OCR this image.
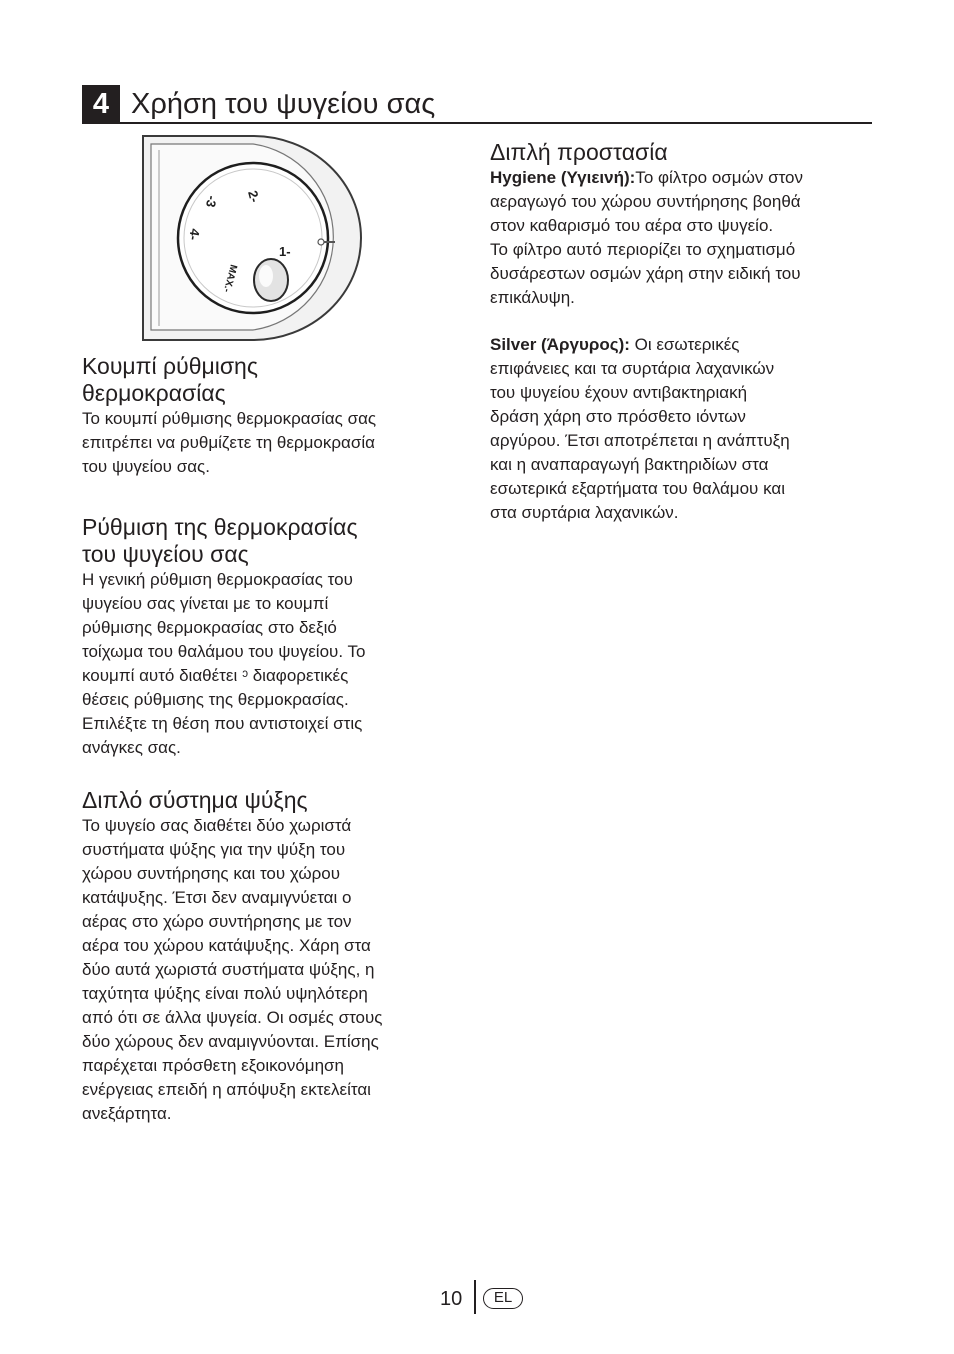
4 Χρήση του ψυγείου σας
2-
-3
4-
1-
MAX.-
Κουμπί ρύθμισης
θερμοκρασίας

Το κουμπί ρύθμισης θερμοκρασίας σας
επιτρέπει να ρυθμίζετε τη θερμοκρασία
του ψυγείου σας.

Ρύθμιση της θερμοκρασίας
του ψυγείου σας

Η γενική ρύθμιση θερμοκρασίας του
ψυγείου σας γίνεται με το κουμπί
ρύθμισης θερμοκρασίας στο δεξιό
τοίχωμα του θαλάμου του ψυγείου. Το
κουμπί αυτό διαθέτει ᵓ διαφορετικές
θέσεις ρύθμισης της θερμοκρασίας.
Επιλέξτε τη θέση που αντιστοιχεί στις
ανάγκες σας.

Διπλό σύστημα ψύξης

Το ψυγείο σας διαθέτει δύο χωριστά
συστήματα ψύξης για την ψύξη του
χώρου συντήρησης και του χώρου
κατάψυξης. Έτσι δεν αναμιγνύεται ο
αέρας στο χώρο συντήρησης με τον
αέρα του χώρου κατάψυξης. Χάρη στα
δύο αυτά χωριστά συστήματα ψύξης, η
ταχύτητα ψύξης είναι πολύ υψηλότερη
από ότι σε άλλα ψυγεία. Οι οσμές στους
δύο χώρους δεν αναμιγνύονται. Επίσης
παρέχεται πρόσθετη εξοικονόμηση
ενέργειας επειδή η απόψυξη εκτελείται
ανεξάρτητα.

Διπλή προστασία

Hygiene (Υγιεινή):Το φίλτρο οσμών στον
αεραγωγό του χώρου συντήρησης βοηθά
στον καθαρισμό του αέρα στο ψυγείο.
Το φίλτρο αυτό περιορίζει το σχηματισμό
δυσάρεστων οσμών χάρη στην ειδική του
επικάλυψη.

Silver (Άργυρος): Οι εσωτερικές
επιφάνειες και τα συρτάρια λαχανικών
του ψυγείου έχουν αντιβακτηριακή
δράση χάρη στο πρόσθετο ιόντων
αργύρου. Έτσι αποτρέπεται η ανάπτυξη
και η αναπαραγωγή βακτηριδίων στα
εσωτερικά εξαρτήματα του θαλάμου και
στα συρτάρια λαχανικών.

10	EL
